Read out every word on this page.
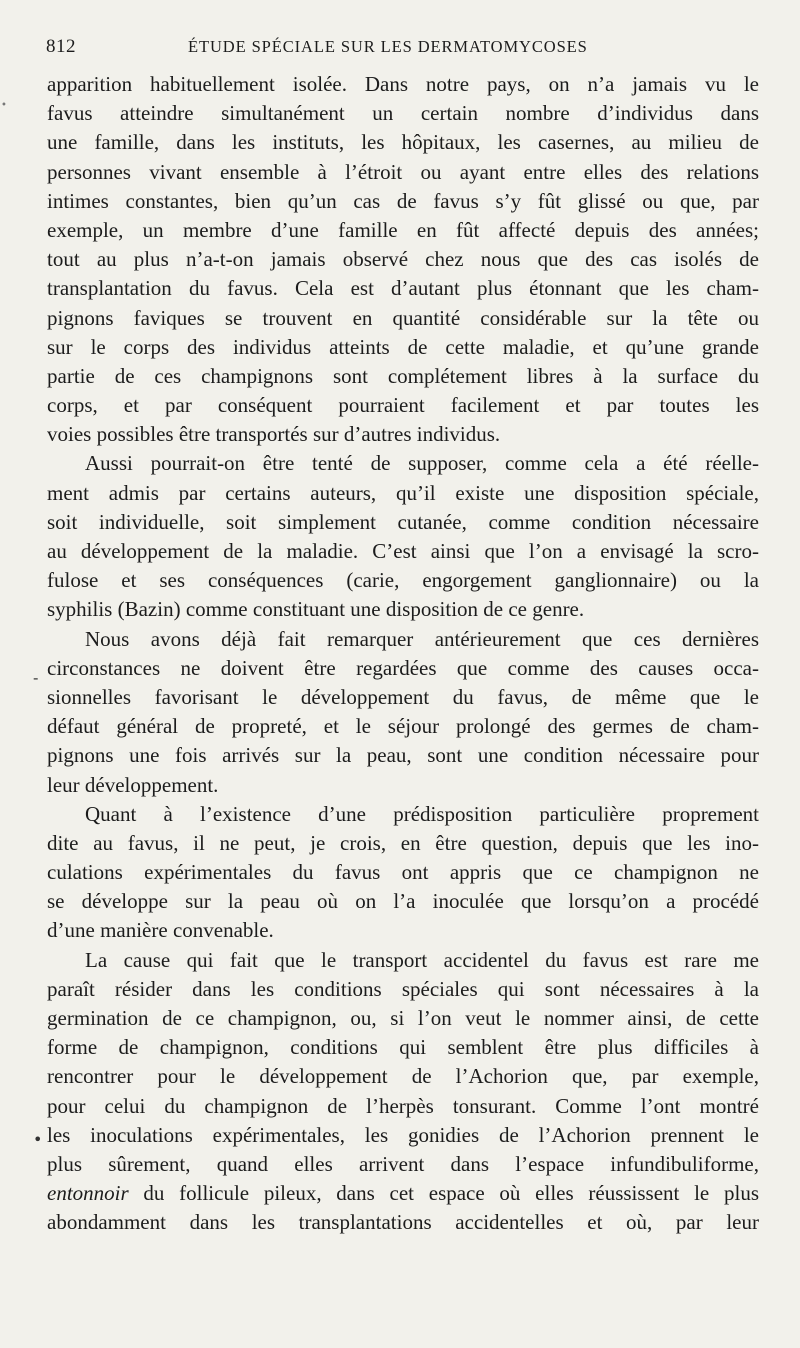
812	ÉTUDE SPÉCIALE SUR LES DERMATOMYCOSES
-
•
•
apparition habituellement isolée. Dans notre pays, on n’a jamais vu le
favus atteindre simultanément un certain nombre d’individus dans
une famille, dans les instituts, les hôpitaux, les casernes, au milieu de
personnes vivant ensemble à l’étroit ou ayant entre elles des relations
intimes constantes, bien qu’un cas de favus s’y fût glissé ou que, par
exemple, un membre d’une famille en fût affecté depuis des années;
tout au plus n’a-t-on jamais observé chez nous que des cas isolés de
transplantation du favus. Cela est d’autant plus étonnant que les cham-
pignons faviques se trouvent en quantité considérable sur la tête ou
sur le corps des individus atteints de cette maladie, et qu’une grande
partie de ces champignons sont complétement libres à la surface du
corps, et par conséquent pourraient facilement et par toutes les
voies possibles être transportés sur d’autres individus.
Aussi pourrait-on être tenté de supposer, comme cela a été réelle-
ment admis par certains auteurs, qu’il existe une disposition spéciale,
soit individuelle, soit simplement cutanée, comme condition nécessaire
au développement de la maladie. C’est ainsi que l’on a envisagé la scro-
fulose et ses conséquences (carie, engorgement ganglionnaire) ou la
syphilis (Bazin) comme constituant une disposition de ce genre.
Nous avons déjà fait remarquer antérieurement que ces dernières
circonstances ne doivent être regardées que comme des causes occa-
sionnelles favorisant le développement du favus, de même que le
défaut général de propreté, et le séjour prolongé des germes de cham-
pignons une fois arrivés sur la peau, sont une condition nécessaire pour
leur développement.
Quant à l’existence d’une prédisposition particulière proprement
dite au favus, il ne peut, je crois, en être question, depuis que les ino-
culations expérimentales du favus ont appris que ce champignon ne
se développe sur la peau où on l’a inoculée que lorsqu’on a procédé
d’une manière convenable.
La cause qui fait que le transport accidentel du favus est rare me
paraît résider dans les conditions spéciales qui sont nécessaires à la
germination de ce champignon, ou, si l’on veut le nommer ainsi, de cette
forme de champignon, conditions qui semblent être plus difficiles à
rencontrer pour le développement de l’Achorion que, par exemple,
pour celui du champignon de l’herpès tonsurant. Comme l’ont montré
les inoculations expérimentales, les gonidies de l’Achorion prennent le
plus sûrement, quand elles arrivent dans l’espace infundibuliforme,
entonnoir du follicule pileux, dans cet espace où elles réussissent le plus
abondamment dans les transplantations accidentelles et où, par leur
